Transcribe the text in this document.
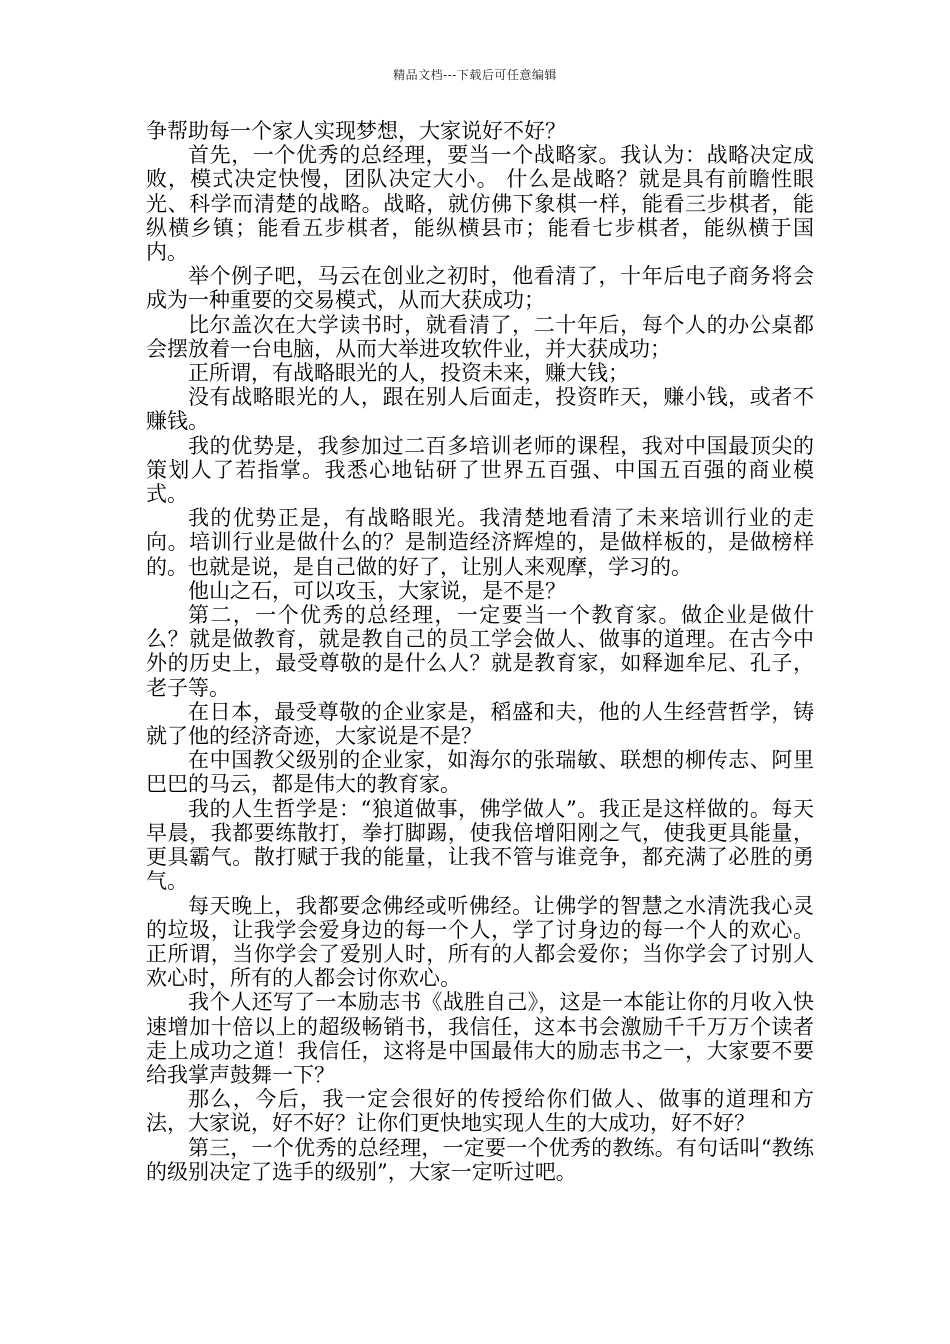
精品文档---下载后可任意编辑

争帮助每一个家人实现梦想，大家说好不好？

首先，一个优秀的总经理，要当一个战略家。我认为：战略决定成败，模式决定快慢，团队决定大小。 什么是战略？就是具有前瞻性眼光、科学而清楚的战略。战略，就仿佛下象棋一样，能看三步棋者，能纵横乡镇；能看五步棋者，能纵横县市；能看七步棋者，能纵横于国内。

举个例子吧，马云在创业之初时，他看清了，十年后电子商务将会成为一种重要的交易模式，从而大获成功；

比尔盖次在大学读书时，就看清了，二十年后，每个人的办公桌都会摆放着一台电脑，从而大举进攻软件业，并大获成功；

正所谓，有战略眼光的人，投资未来，赚大钱；

没有战略眼光的人，跟在别人后面走，投资昨天，赚小钱，或者不赚钱。

我的优势是，我参加过二百多培训老师的课程，我对中国最顶尖的策划人了若指掌。我悉心地钻研了世界五百强、中国五百强的商业模式。

我的优势正是，有战略眼光。我清楚地看清了未来培训行业的走向。培训行业是做什么的？是制造经济辉煌的，是做样板的，是做榜样的。也就是说，是自己做的好了，让别人来观摩，学习的。

他山之石，可以攻玉，大家说，是不是？

第二，一个优秀的总经理，一定要当一个教育家。做企业是做什么？就是做教育，就是教自己的员工学会做人、做事的道理。在古今中外的历史上，最受尊敬的是什么人？就是教育家，如释迦牟尼、孔子，老子等。

在日本，最受尊敬的企业家是，稻盛和夫，他的人生经营哲学，铸就了他的经济奇迹，大家说是不是？

在中国教父级别的企业家，如海尔的张瑞敏、联想的柳传志、阿里巴巴的马云，都是伟大的教育家。

我的人生哲学是：“狼道做事，佛学做人”。我正是这样做的。每天早晨，我都要练散打，拳打脚踢，使我倍增阳刚之气，使我更具能量，更具霸气。散打赋于我的能量，让我不管与谁竞争，都充满了必胜的勇气。

每天晚上，我都要念佛经或听佛经。让佛学的智慧之水清洗我心灵的垃圾，让我学会爱身边的每一个人，学了讨身边的每一个人的欢心。正所谓，当你学会了爱别人时，所有的人都会爱你；当你学会了讨别人欢心时，所有的人都会讨你欢心。

我个人还写了一本励志书《战胜自己》，这是一本能让你的月收入快速增加十倍以上的超级畅销书，我信任，这本书会激励千千万万个读者走上成功之道！我信任，这将是中国最伟大的励志书之一，大家要不要给我掌声鼓舞一下？

那么，今后，我一定会很好的传授给你们做人、做事的道理和方法，大家说，好不好？让你们更快地实现人生的大成功，好不好？

第三，一个优秀的总经理，一定要一个优秀的教练。有句话叫“教练的级别决定了选手的级别”，大家一定听过吧。
